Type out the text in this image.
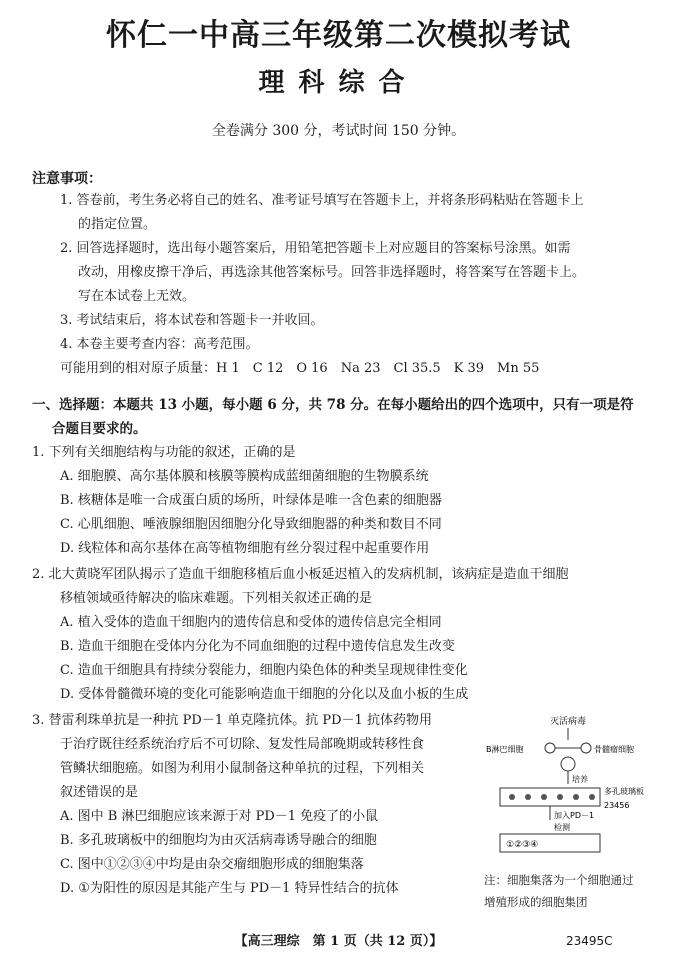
怀仁一中高三年级第二次模拟考试
理科综合
全卷满分 300 分，考试时间 150 分钟。
注意事项：
1. 答卷前，考生务必将自己的姓名、准考证号填写在答题卡上，并将条形码粘贴在答题卡上
的指定位置。
2. 回答选择题时，选出每小题答案后，用铅笔把答题卡上对应题目的答案标号涂黑。如需
改动，用橡皮擦干净后，再选涂其他答案标号。回答非选择题时，将答案写在答题卡上。
写在本试卷上无效。
3. 考试结束后，将本试卷和答题卡一并收回。
4. 本卷主要考查内容：高考范围。
可能用到的相对原子质量：H 1　C 12　O 16　Na 23　Cl 35.5　K 39　Mn 55
一、选择题：本题共 13 小题，每小题 6 分，共 78 分。在每小题给出的四个选项中，只有一项是符
合题目要求的。
1. 下列有关细胞结构与功能的叙述，正确的是
A. 细胞膜、高尔基体膜和核膜等膜构成蓝细菌细胞的生物膜系统
B. 核糖体是唯一合成蛋白质的场所，叶绿体是唯一含色素的细胞器
C. 心肌细胞、唾液腺细胞因细胞分化导致细胞器的种类和数目不同
D. 线粒体和高尔基体在高等植物细胞有丝分裂过程中起重要作用
2. 北大黄晓军团队揭示了造血干细胞移植后血小板延迟植入的发病机制，该病症是造血干细胞
移植领域亟待解决的临床难题。下列相关叙述正确的是
A. 植入受体的造血干细胞内的遗传信息和受体的遗传信息完全相同
B. 造血干细胞在受体内分化为不同血细胞的过程中遗传信息发生改变
C. 造血干细胞具有持续分裂能力，细胞内染色体的种类呈现规律性变化
D. 受体骨髓微环境的变化可能影响造血干细胞的分化以及血小板的生成
3. 替雷利珠单抗是一种抗 PD－1 单克隆抗体。抗 PD－1 抗体药物用
于治疗既往经系统治疗后不可切除、复发性局部晚期或转移性食
管鳞状细胞癌。如图为利用小鼠制备这种单抗的过程，下列相关
叙述错误的是
A. 图中 B 淋巴细胞应该来源于对 PD－1 免疫了的小鼠
B. 多孔玻璃板中的细胞均为由灭活病毒诱导融合的细胞
C. 图中①②③④中均是由杂交瘤细胞形成的细胞集落
D. ①为阳性的原因是其能产生与 PD－1 特异性结合的抗体
灭活病毒
B淋巴细胞	骨髓瘤细胞
培养
多孔玻璃板
23456
加入PD－1
检测
①②③④
注：细胞集落为一个细胞通过
增殖形成的细胞集团
【高三理综　第 1 页（共 12 页）】	23495C
